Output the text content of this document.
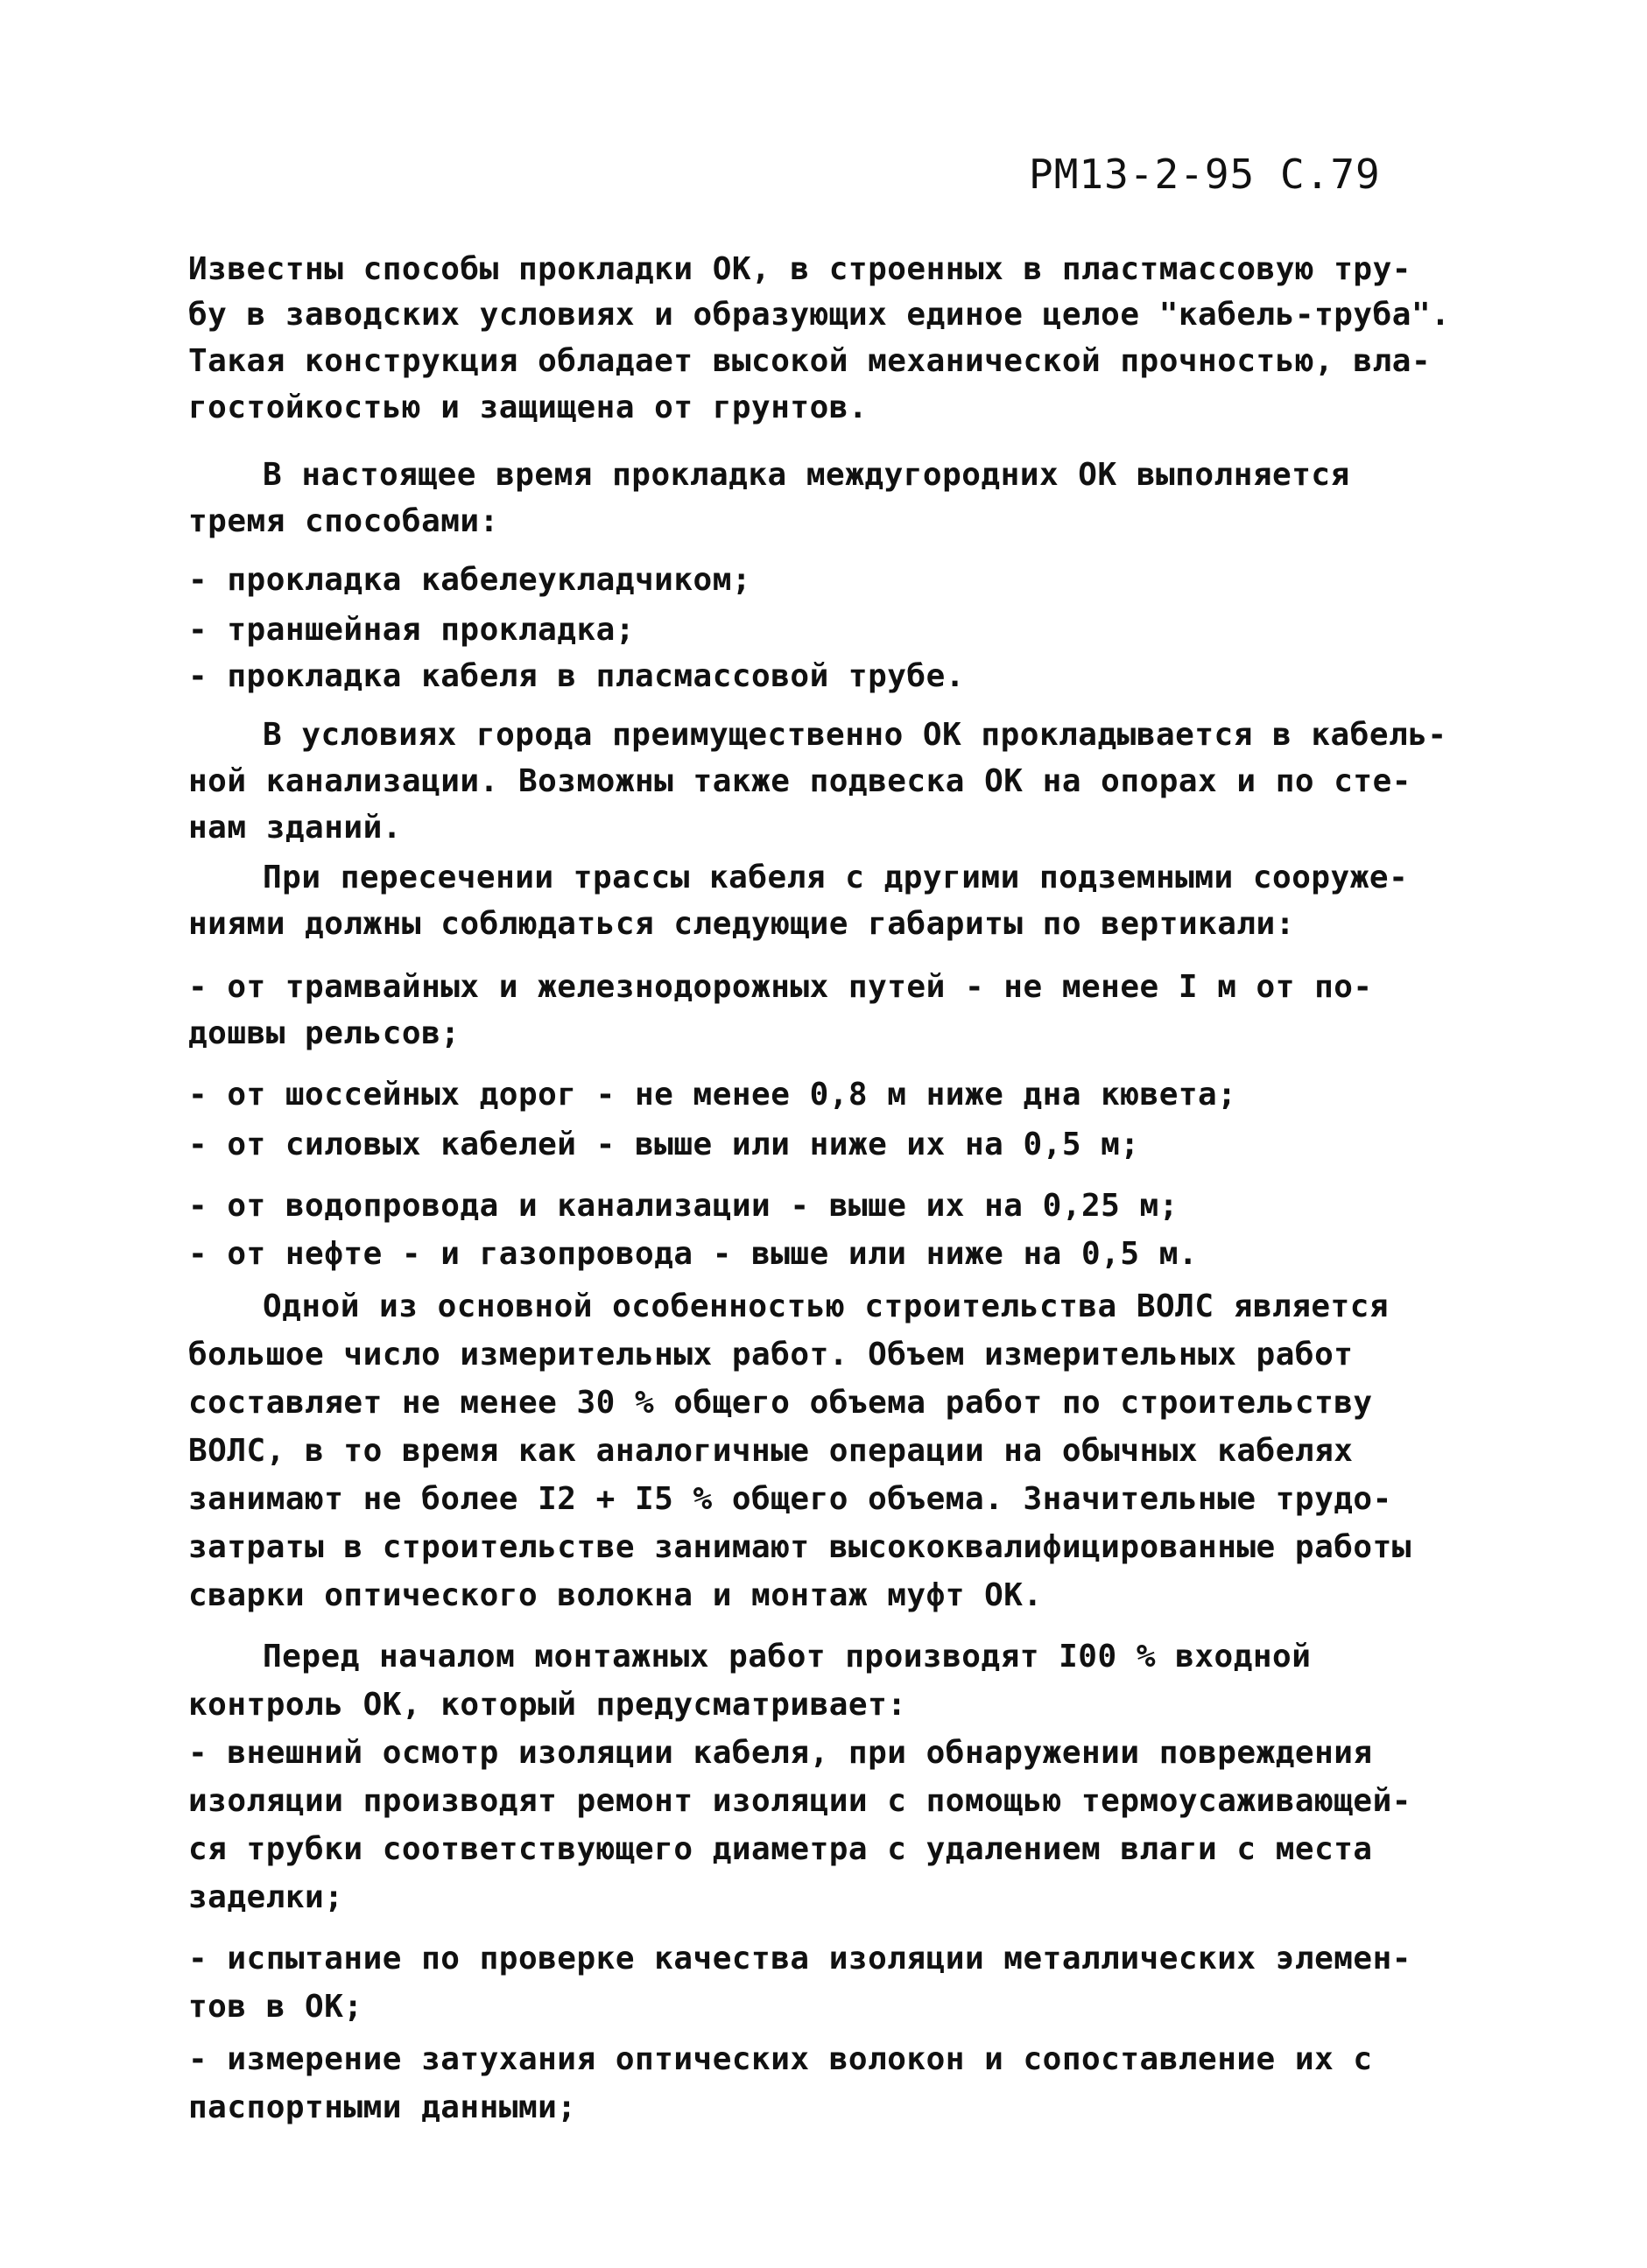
РМ13-2-95 С.79
Известны способы прокладки ОК, в строенных в пластмассовую тру-
бу в заводских условиях и образующих единое целое "кабель-труба".
Такая конструкция обладает высокой механической прочностью, вла-
гостойкостью и защищена от грунтов.
В настоящее время прокладка междугородних ОК выполняется
тремя способами:
- прокладка кабелеукладчиком;
- траншейная прокладка;
- прокладка кабеля в пласмассовой трубе.
В условиях города преимущественно ОК прокладывается в кабель-
ной канализации. Возможны также подвеска ОК на опорах и по сте-
нам зданий.
При пересечении трассы кабеля с другими подземными сооруже-
ниями должны соблюдаться следующие габариты по вертикали:
- от трамвайных и железнодорожных путей - не менее I м от по-
дошвы рельсов;
- от шоссейных дорог - не менее 0,8 м ниже дна кювета;
- от силовых кабелей - выше или ниже их на 0,5 м;
- от водопровода и канализации - выше их на 0,25 м;
- от нефте - и газопровода - выше или ниже на 0,5 м.
Одной из основной особенностью строительства ВОЛС является
большое число измерительных работ. Объем измерительных работ
составляет не менее 30 % общего объема работ по строительству
ВОЛС, в то время как аналогичные операции на обычных кабелях
занимают не более I2 + I5 % общего объема. Значительные трудо-
затраты в строительстве занимают высококвалифицированные работы
сварки оптического волокна и монтаж муфт ОК.
Перед началом монтажных работ производят I00 % входной
контроль ОК, который предусматривает:
- внешний осмотр изоляции кабеля, при обнаружении повреждения
изоляции производят ремонт изоляции с помощью термоусаживающей-
ся трубки соответствующего диаметра с удалением влаги с места
заделки;
- испытание по проверке качества изоляции металлических элемен-
тов в ОК;
- измерение затухания оптических волокон и сопоставление их с
паспортными данными;
